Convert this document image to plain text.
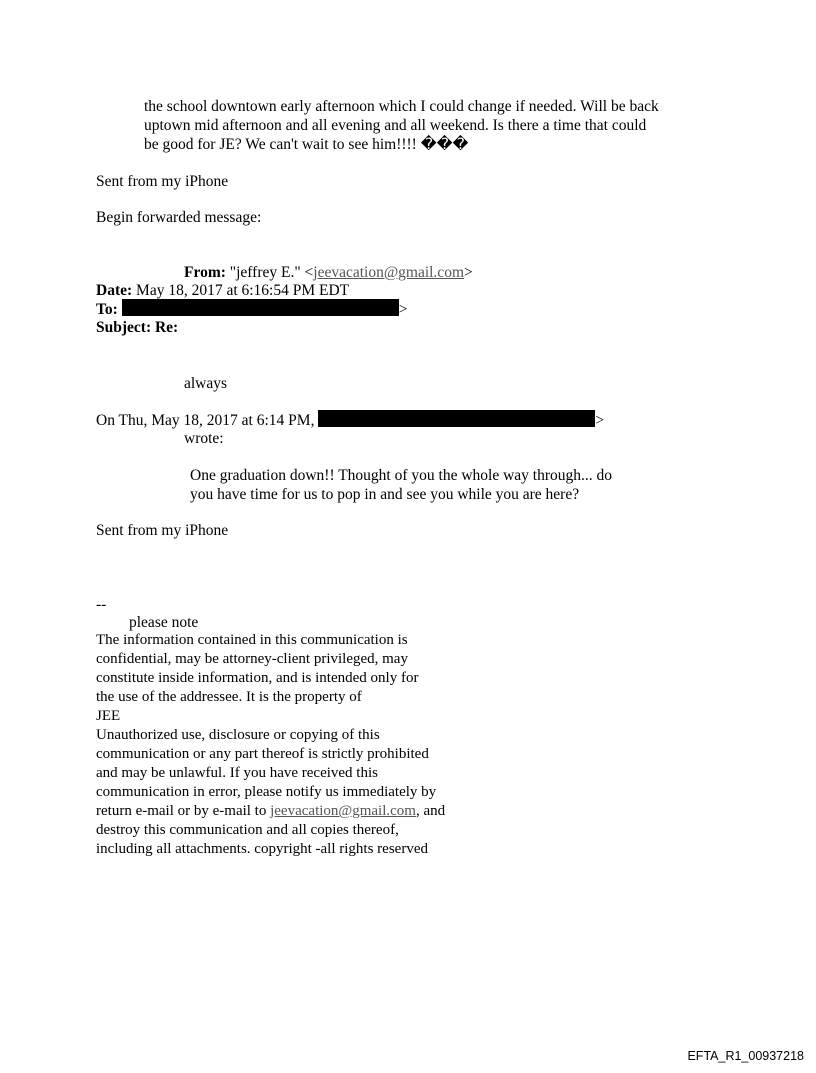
the school downtown early afternoon which I could change if needed. Will be back
uptown mid afternoon and all evening and all weekend. Is there a time that could
be good for JE? We can't wait to see him!!!! ���
Sent from my iPhone
Begin forwarded message:
From: "jeffrey E." <jeevacation@gmail.com>
Date: May 18, 2017 at 6:16:54 PM EDT
To:	>
Subject: Re:
always
On Thu, May 18, 2017 at 6:14 PM,	>
wrote:
One graduation down!! Thought of you the whole way through... do
you have time for us to pop in and see you while you are here?
Sent from my iPhone
--
please note
The information contained in this communication is
confidential, may be attorney-client privileged, may
constitute inside information, and is intended only for
the use of the addressee. It is the property of
JEE
Unauthorized use, disclosure or copying of this
communication or any part thereof is strictly prohibited
and may be unlawful. If you have received this
communication in error, please notify us immediately by
return e-mail or by e-mail to jeevacation@gmail.com, and
destroy this communication and all copies thereof,
including all attachments. copyright -all rights reserved
EFTA_R1_00937218
